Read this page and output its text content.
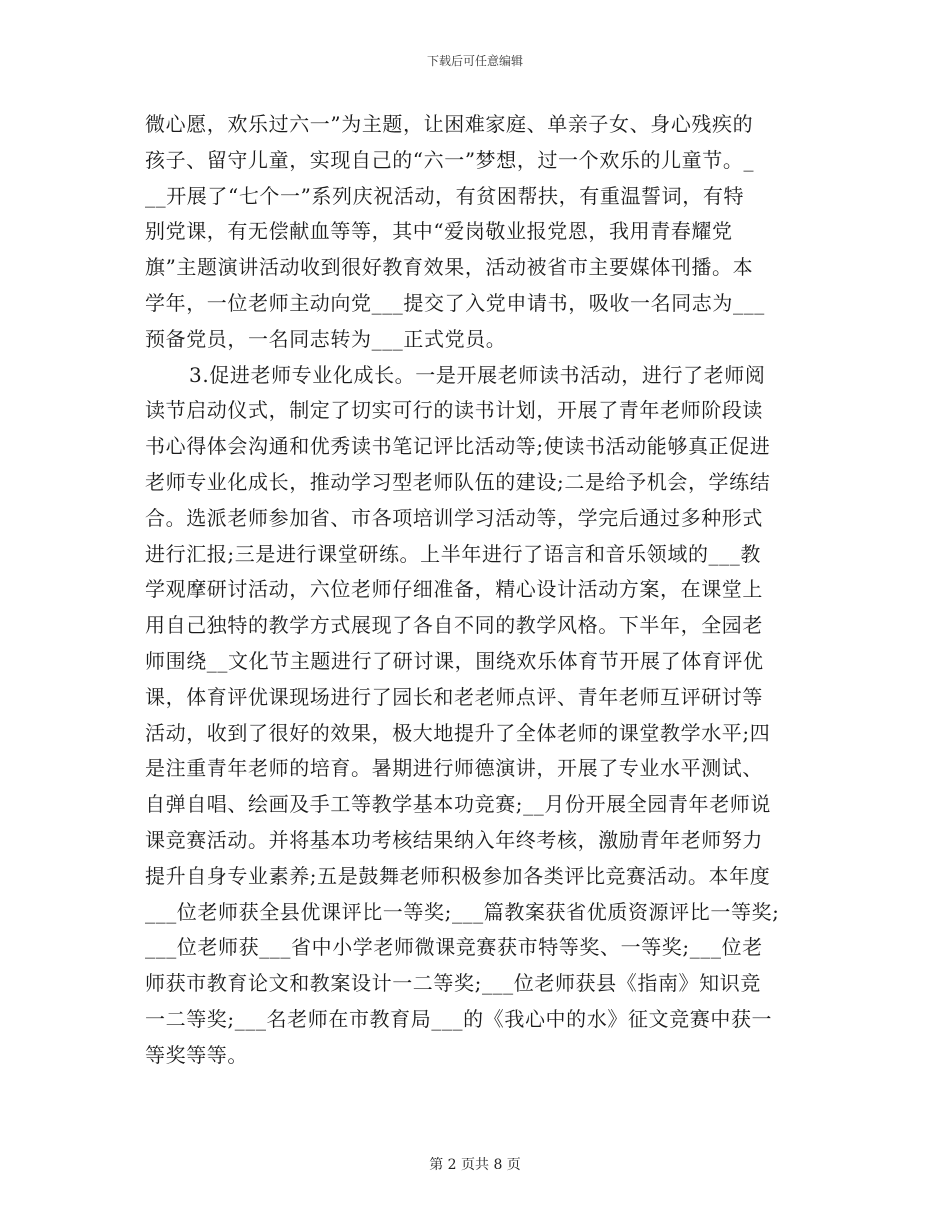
下载后可任意编辑
微心愿，欢乐过六一”为主题，让困难家庭、单亲子女、身心残疾的
孩子、留守儿童，实现自己的“六一”梦想，过一个欢乐的儿童节。_
__开展了“七个一”系列庆祝活动，有贫困帮扶，有重温誓词，有特
别党课，有无偿献血等等，其中“爱岗敬业报党恩，我用青春耀党
旗”主题演讲活动收到很好教育效果，活动被省市主要媒体刊播。本
学年，一位老师主动向党___提交了入党申请书，吸收一名同志为___
预备党员，一名同志转为___正式党员。
3.促进老师专业化成长。一是开展老师读书活动，进行了老师阅
读节启动仪式，制定了切实可行的读书计划，开展了青年老师阶段读
书心得体会沟通和优秀读书笔记评比活动等;使读书活动能够真正促进
老师专业化成长，推动学习型老师队伍的建设;二是给予机会，学练结
合。选派老师参加省、市各项培训学习活动等，学完后通过多种形式
进行汇报;三是进行课堂研练。上半年进行了语言和音乐领域的___教
学观摩研讨活动，六位老师仔细准备，精心设计活动方案，在课堂上
用自己独特的教学方式展现了各自不同的教学风格。下半年，全园老
师围绕__文化节主题进行了研讨课，围绕欢乐体育节开展了体育评优
课，体育评优课现场进行了园长和老老师点评、青年老师互评研讨等
活动，收到了很好的效果，极大地提升了全体老师的课堂教学水平;四
是注重青年老师的培育。暑期进行师德演讲，开展了专业水平测试、
自弹自唱、绘画及手工等教学基本功竞赛;__月份开展全园青年老师说
课竞赛活动。并将基本功考核结果纳入年终考核，激励青年老师努力
提升自身专业素养;五是鼓舞老师积极参加各类评比竞赛活动。本年度
___位老师获全县优课评比一等奖;___篇教案获省优质资源评比一等奖;
___位老师获___省中小学老师微课竞赛获市特等奖、一等奖;___位老
师获市教育论文和教案设计一二等奖;___位老师获县《指南》知识竞
一二等奖;___名老师在市教育局___的《我心中的水》征文竞赛中获一
等奖等等。
第 2 页共 8 页
